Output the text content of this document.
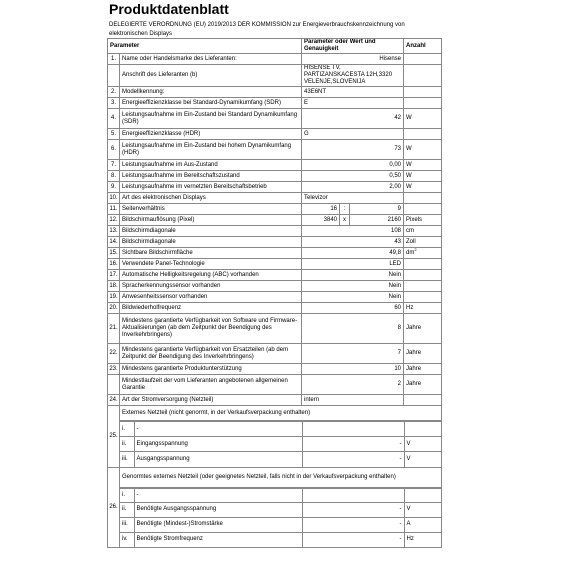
Produktdatenblatt
DELEGIERTE VERORDNUNG (EU) 2019/2013 DER KOMMISSION zur Energieverbrauchskennzeichnung von elektronischen Displays
Parameter	Parameter oder Wert und Genauigkeit	Anzahl
1.	Name oder Handelsmarke des Lieferanten:	Hisense	
	Anschrift des Lieferanten (b)	HISENSE TV, PARTIZANSKACESTA 12H,3320 VELENJE,SLOVENIJA	
2.	Modellkennung:	43E6NT	
3.	Energieeffizienzklasse bei Standard-Dynamikumfang (SDR)	E	
4.	Leistungsaufnahme im Ein-Zustand bei Standard Dynamikumfang (SDR)	42	W
5.	Energieeffizienzklasse (HDR)	G	
6.	Leistungsaufnahme im Ein-Zustand bei hohem Dynamikumfang (HDR)	73	W
7.	Leistungsaufnahme im Aus-Zustand	0,00	W
8.	Leistungsaufnahme im Bereitschaftszustand	0,50	W
9.	Leistungsaufnahme im vernetzten Bereitschaftsbetrieb	2,00	W
10.	Art des elektronischen Displays	Televizor	
11.	Seitenverhältnis	16	:	9	
12.	Bildschirmauflösung (Pixel)	3840	x	2160	Pixels
13.	Bildschirmdiagonale	108	cm
14.	Bildschirmdiagonale	43	Zoll
15.	Sichtbare Bildschirmfläche	49,8	$dm^2$
16.	Verwendete Panel-Technologie	LED	
17.	Automatische Helligkeitsregelung (ABC) vorhanden	Nein	
18.	Spracherkennungssensor vorhanden	Nein	
19.	Anwesenheitssensor vorhanden	Nein	
20.	Bildwiederholfrequenz	60	Hz
21.	Mindestens garantierte Verfügbarkeit von Software und Firmware-Aktualisierungen (ab dem Zeitpunkt der Beendigung des Inverkehrbringens)	8	Jahre
22.	Mindestens garantierte Verfügbarkeit von Ersatzteilen (ab dem Zeitpunkt der Beendigung des Inverkehrbringens)	7	Jahre
23.	Mindestens garantierte Produktunterstützung	10	Jahre
	Mindestlaufzeit der vom Lieferanten angebotenen allgemeinen Garantie	2	Jahre
24.	Art der Stromversorgung (Netzteil)	intern	
25.	Externes Netzteil (nicht genormt, in der Verkaufsverpackung enthalten)

i.	-		
ii.	Eingangsspannung	-	V
iii.	Ausgangsspannung	-	V

26.	Genormtes externes Netzteil (oder geeignetes Netzteil, falls nicht in der Verkaufsverpackung enthalten)

i.	-		
ii.	Benötigte Ausgangsspannung	-	V
iii.	Benötigte (Mindest-)Stromstärke	-	A
iv.	Benötigte Stromfrequenz	-	Hz
